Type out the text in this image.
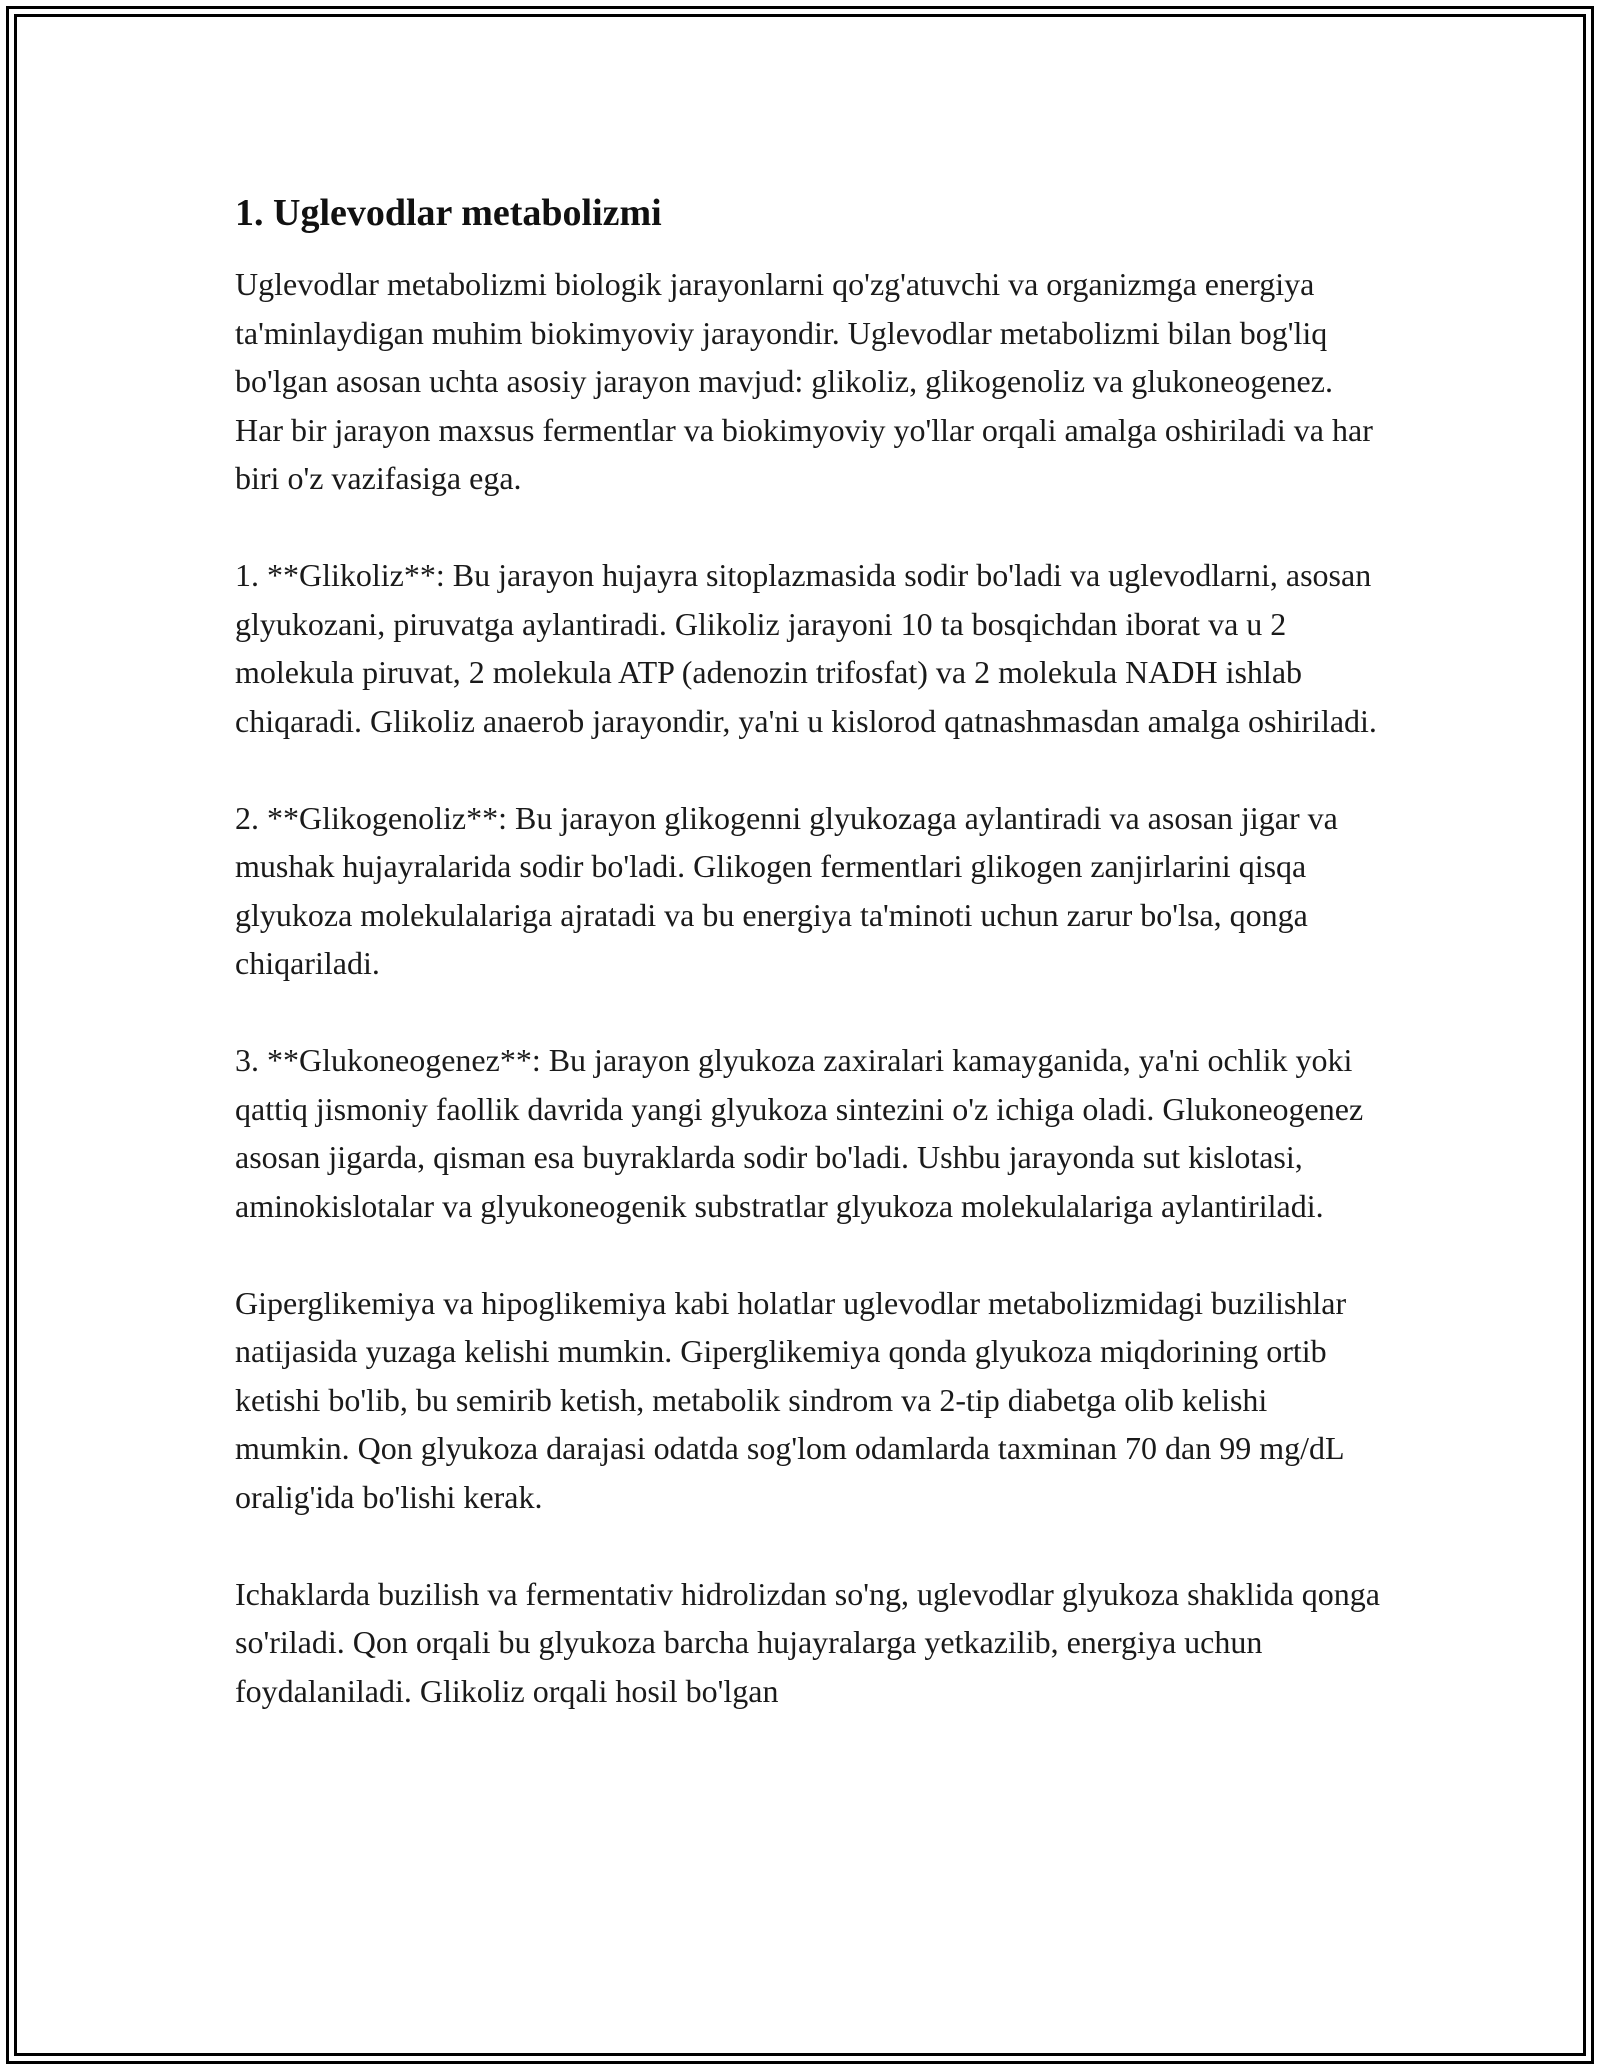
1. Uglevodlar metabolizmi

Uglevodlar metabolizmi biologik jarayonlarni qo'zg'atuvchi va organizmga energiya ta'minlaydigan muhim biokimyoviy jarayondir. Uglevodlar metabolizmi bilan bog'liq bo'lgan asosan uchta asosiy jarayon mavjud: glikoliz, glikogenoliz va glukoneogenez. Har bir jarayon maxsus fermentlar va biokimyoviy yo'llar orqali amalga oshiriladi va har biri o'z vazifasiga ega.

1. **Glikoliz**: Bu jarayon hujayra sitoplazmasida sodir bo'ladi va uglevodlarni, asosan glyukozani, piruvatga aylantiradi. Glikoliz jarayoni 10 ta bosqichdan iborat va u 2 molekula piruvat, 2 molekula ATP (adenozin trifosfat) va 2 molekula NADH ishlab chiqaradi. Glikoliz anaerob jarayondir, ya'ni u kislorod qatnashmasdan amalga oshiriladi.

2. **Glikogenoliz**: Bu jarayon glikogenni glyukozaga aylantiradi va asosan jigar va mushak hujayralarida sodir bo'ladi. Glikogen fermentlari glikogen zanjirlarini qisqa glyukoza molekulalariga ajratadi va bu energiya ta'minoti uchun zarur bo'lsa, qonga chiqariladi.

3. **Glukoneogenez**: Bu jarayon glyukoza zaxiralari kamayganida, ya'ni ochlik yoki qattiq jismoniy faollik davrida yangi glyukoza sintezini o'z ichiga oladi. Glukoneogenez asosan jigarda, qisman esa buyraklarda sodir bo'ladi. Ushbu jarayonda sut kislotasi, aminokislotalar va glyukoneogenik substratlar glyukoza molekulalariga aylantiriladi.

Giperglikemiya va hipoglikemiya kabi holatlar uglevodlar metabolizmidagi buzilishlar natijasida yuzaga kelishi mumkin. Giperglikemiya qonda glyukoza miqdorining ortib ketishi bo'lib, bu semirib ketish, metabolik sindrom va 2-tip diabetga olib kelishi mumkin. Qon glyukoza darajasi odatda sog'lom odamlarda taxminan 70 dan 99 mg/dL oralig'ida bo'lishi kerak.

Ichaklarda buzilish va fermentativ hidrolizdan so'ng, uglevodlar glyukoza shaklida qonga so'riladi. Qon orqali bu glyukoza barcha hujayralarga yetkazilib, energiya uchun foydalaniladi. Glikoliz orqali hosil bo'lgan
